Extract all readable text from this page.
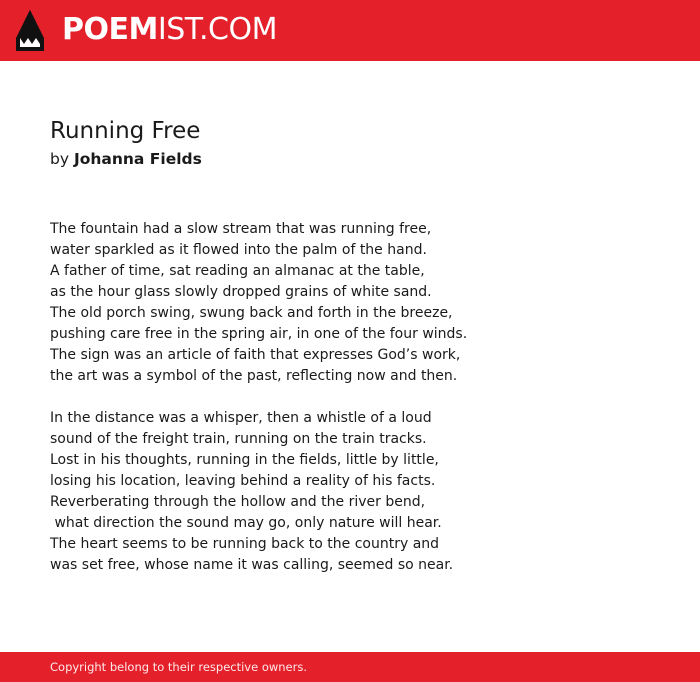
POEMIST.COM
Running Free
by Johanna Fields
The fountain had a slow stream that was running free,
water sparkled as it flowed into the palm of the hand.
A father of time, sat reading an almanac at the table,
as the hour glass slowly dropped grains of white sand.
The old porch swing, swung back and forth in the breeze,
pushing care free in the spring air, in one of the four winds.
The sign was an article of faith that expresses God’s work,
the art was a symbol of the past, reflecting now and then.
In the distance was a whisper, then a whistle of a loud
sound of the freight train, running on the train tracks.
Lost in his thoughts, running in the fields, little by little,
losing his location, leaving behind a reality of his facts.
Reverberating through the hollow and the river bend,
what direction the sound may go, only nature will hear.
The heart seems to be running back to the country and
was set free, whose name it was calling, seemed so near.
Copyright belong to their respective owners.
